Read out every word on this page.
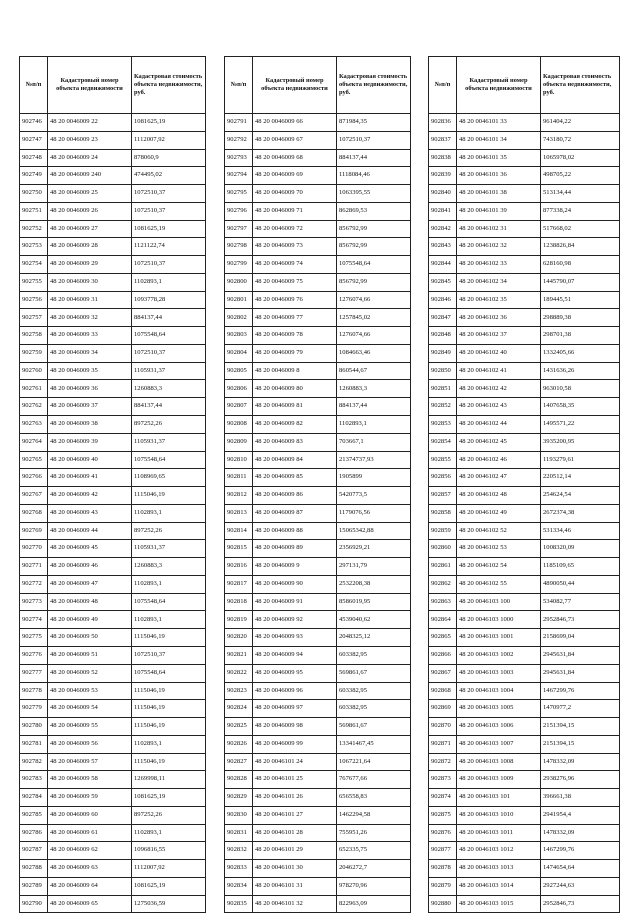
№п/п	Кадастровый номер объекта недвижимости	Кадастровая стоимость объекта недвижимости, руб.
902746	48 20 0046009 22	1081625,19
902747	48 20 0046009 23	1112007,92
902748	48 20 0046009 24	878060,9
902749	48 20 0046009 240	474495,02
902750	48 20 0046009 25	1072510,37
902751	48 20 0046009 26	1072510,37
902752	48 20 0046009 27	1081625,19
902753	48 20 0046009 28	1121122,74
902754	48 20 0046009 29	1072510,37
902755	48 20 0046009 30	1102893,1
902756	48 20 0046009 31	1093778,28
902757	48 20 0046009 32	884137,44
902758	48 20 0046009 33	1075548,64
902759	48 20 0046009 34	1072510,37
902760	48 20 0046009 35	1105931,37
902761	48 20 0046009 36	1260883,3
902762	48 20 0046009 37	884137,44
902763	48 20 0046009 38	897252,26
902764	48 20 0046009 39	1105931,37
902765	48 20 0046009 40	1075548,64
902766	48 20 0046009 41	1108969,65
902767	48 20 0046009 42	1115046,19
902768	48 20 0046009 43	1102893,1
902769	48 20 0046009 44	897252,26
902770	48 20 0046009 45	1105931,37
902771	48 20 0046009 46	1260883,3
902772	48 20 0046009 47	1102893,1
902773	48 20 0046009 48	1075548,64
902774	48 20 0046009 49	1102893,1
902775	48 20 0046009 50	1115046,19
902776	48 20 0046009 51	1072510,37
902777	48 20 0046009 52	1075548,64
902778	48 20 0046009 53	1115046,19
902779	48 20 0046009 54	1115046,19
902780	48 20 0046009 55	1115046,19
902781	48 20 0046009 56	1102893,1
902782	48 20 0046009 57	1115046,19
902783	48 20 0046009 58	1269998,11
902784	48 20 0046009 59	1081625,19
902785	48 20 0046009 60	897252,26
902786	48 20 0046009 61	1102893,1
902787	48 20 0046009 62	1096816,55
902788	48 20 0046009 63	1112007,92
902789	48 20 0046009 64	1081625,19
902790	48 20 0046009 65	1275036,59
№п/п	Кадастровый номер объекта недвижимости	Кадастровая стоимость объекта недвижимости, руб.
902791	48 20 0046009 66	871984,35
902792	48 20 0046009 67	1072510,37
902793	48 20 0046009 68	884137,44
902794	48 20 0046009 69	1118084,46
902795	48 20 0046009 70	1063395,55
902796	48 20 0046009 71	862869,53
902797	48 20 0046009 72	856792,99
902798	48 20 0046009 73	856792,99
902799	48 20 0046009 74	1075548,64
902800	48 20 0046009 75	856792,99
902801	48 20 0046009 76	1276074,66
902802	48 20 0046009 77	1257845,02
902803	48 20 0046009 78	1276074,66
902804	48 20 0046009 79	1084663,46
902805	48 20 0046009 8	860544,67
902806	48 20 0046009 80	1260883,3
902807	48 20 0046009 81	884137,44
902808	48 20 0046009 82	1102893,1
902809	48 20 0046009 83	703667,1
902810	48 20 0046009 84	21374737,93
902811	48 20 0046009 85	1905899
902812	48 20 0046009 86	5420773,5
902813	48 20 0046009 87	1179076,56
902814	48 20 0046009 88	15065342,88
902815	48 20 0046009 89	2356929,21
902816	48 20 0046009 9	297131,79
902817	48 20 0046009 90	2532208,38
902818	48 20 0046009 91	8586019,95
902819	48 20 0046009 92	4539040,62
902820	48 20 0046009 93	2048325,12
902821	48 20 0046009 94	603382,95
902822	48 20 0046009 95	569861,67
902823	48 20 0046009 96	603382,95
902824	48 20 0046009 97	603382,95
902825	48 20 0046009 98	569861,67
902826	48 20 0046009 99	13341467,45
902827	48 20 0046101 24	1067221,64
902828	48 20 0046101 25	767677,66
902829	48 20 0046101 26	656558,83
902830	48 20 0046101 27	1462294,58
902831	48 20 0046101 28	755951,26
902832	48 20 0046101 29	652335,75
902833	48 20 0046101 30	2046272,7
902834	48 20 0046101 31	978270,96
902835	48 20 0046101 32	822963,09
№п/п	Кадастровый номер объекта недвижимости	Кадастровая стоимость объекта недвижимости, руб.
902836	48 20 0046101 33	961404,22
902837	48 20 0046101 34	743180,72
902838	48 20 0046101 35	1065978,02
902839	48 20 0046101 36	498705,22
902840	48 20 0046101 38	513134,44
902841	48 20 0046101 39	877338,24
902842	48 20 0046102 31	517668,02
902843	48 20 0046102 32	1238826,84
902844	48 20 0046102 33	628160,98
902845	48 20 0046102 34	1445790,07
902846	48 20 0046102 35	189445,51
902847	48 20 0046102 36	298889,38
902848	48 20 0046102 37	298701,38
902849	48 20 0046102 40	1332405,66
902850	48 20 0046102 41	1431636,26
902851	48 20 0046102 42	963010,58
902852	48 20 0046102 43	1407658,35
902853	48 20 0046102 44	1495571,22
902854	48 20 0046102 45	3935200,95
902855	48 20 0046102 46	1193279,61
902856	48 20 0046102 47	220512,14
902857	48 20 0046102 48	254624,54
902858	48 20 0046102 49	2672374,38
902859	48 20 0046102 52	531334,46
902860	48 20 0046102 53	1008320,09
902861	48 20 0046102 54	1185109,65
902862	48 20 0046102 55	4890050,44
902863	48 20 0046103 100	534082,77
902864	48 20 0046103 1000	2952846,73
902865	48 20 0046103 1001	2158699,04
902866	48 20 0046103 1002	2945631,84
902867	48 20 0046103 1003	2945631,84
902868	48 20 0046103 1004	1467299,76
902869	48 20 0046103 1005	1470977,2
902870	48 20 0046103 1006	2151394,15
902871	48 20 0046103 1007	2151394,15
902872	48 20 0046103 1008	1478332,09
902873	48 20 0046103 1009	2938276,96
902874	48 20 0046103 101	396661,38
902875	48 20 0046103 1010	2941954,4
902876	48 20 0046103 1011	1478332,09
902877	48 20 0046103 1012	1467299,76
902878	48 20 0046103 1013	1474654,64
902879	48 20 0046103 1014	2927244,63
902880	48 20 0046103 1015	2952846,73
